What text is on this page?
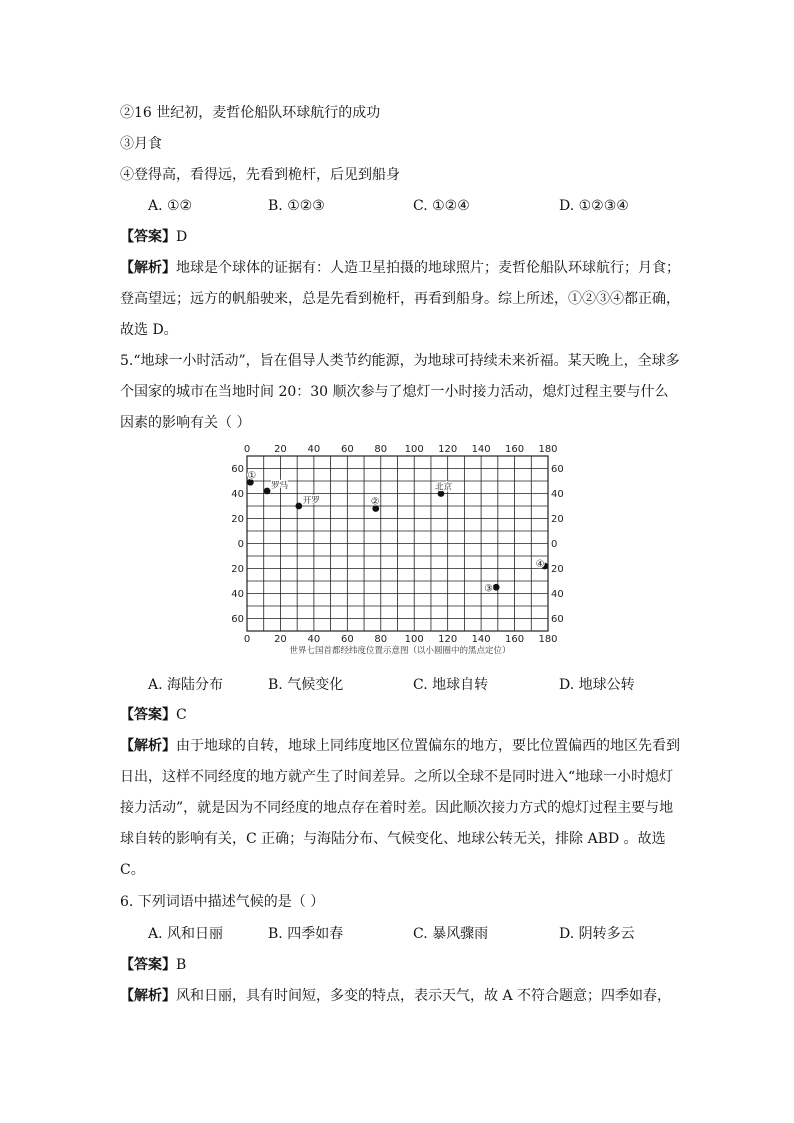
②16 世纪初，麦哲伦船队环球航行的成功
③月食
④登得高，看得远，先看到桅杆，后见到船身
A. ①②	B. ①②③	C. ①②④	D. ①②③④
【答案】D
【解析】地球是个球体的证据有：人造卫星拍摄的地球照片；麦哲伦船队环球航行；月食；登高望远；远方的帆船驶来，总是先看到桅杆，再看到船身。综上所述，①②③④都正确，故选 D。
5.“地球一小时活动”，旨在倡导人类节约能源，为地球可持续未来祈福。某天晚上，全球多个国家的城市在当地时间 20：30 顺次参与了熄灯一小时接力活动，熄灯过程主要与什么因素的影响有关（ ）
0 20 40 60 80 100 120 140 160 180
0 20 40 60 80 100 120 140 160 180
60	60
40	40
20	20
0	0
20	20
40	40
60	60
①
罗马
开罗	②
北京
④
③
世界七国首都经纬度位置示意图（以小圆圈中的黑点定位）
A. 海陆分布	B. 气候变化	C. 地球自转	D. 地球公转
【答案】C
【解析】由于地球的自转，地球上同纬度地区位置偏东的地方，要比位置偏西的地区先看到日出，这样不同经度的地方就产生了时间差异。之所以全球不是同时进入“地球一小时熄灯接力活动”，就是因为不同经度的地点存在着时差。因此顺次接力方式的熄灯过程主要与地球自转的影响有关，C 正确；与海陆分布、气候变化、地球公转无关，排除 ABD 。故选 C。
6. 下列词语中描述气候的是（ ）
A. 风和日丽	B. 四季如春	C. 暴风骤雨	D. 阴转多云
【答案】B
【解析】风和日丽，具有时间短，多变的特点，表示天气，故 A 不符合题意；四季如春，
